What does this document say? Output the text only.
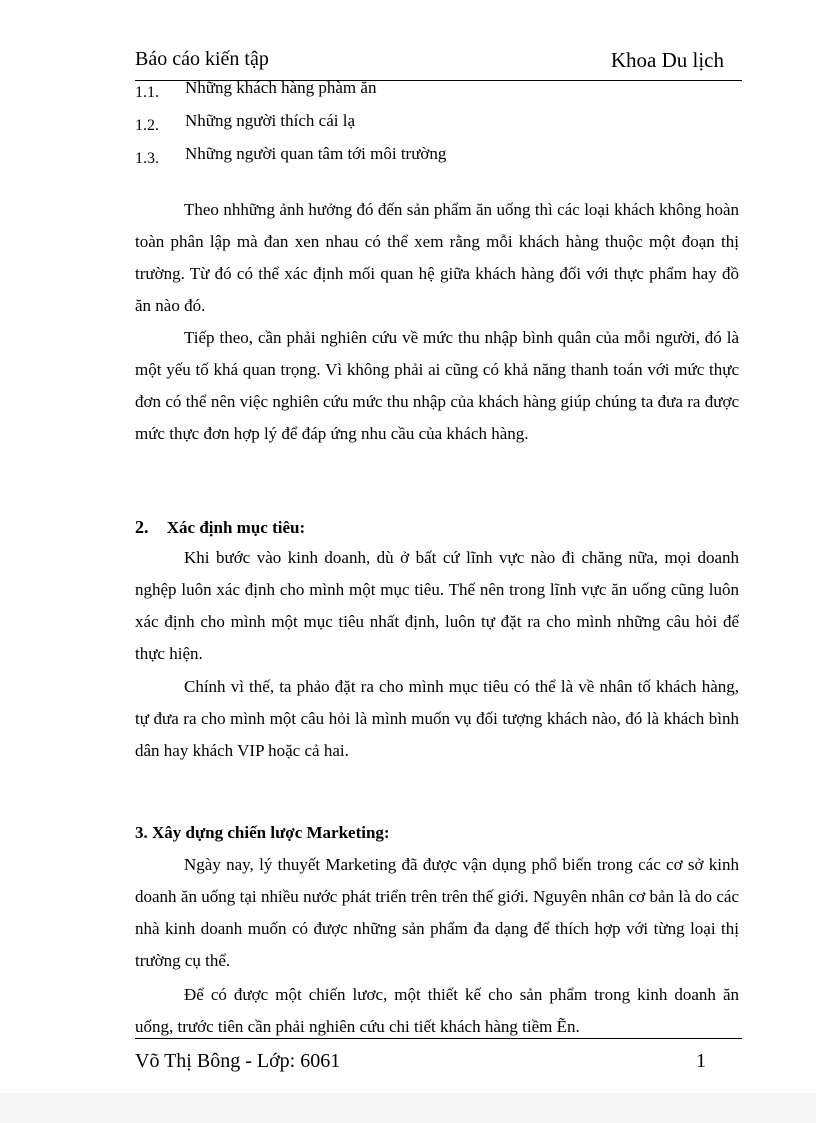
Báo cáo kiến tập	Khoa Du lịch
1.1. Những khách hàng phàm ăn
1.2. Những người thích cái lạ
1.3. Những người quan tâm tới môi trường

Theo nhhững ảnh hưởng đó đến sản phẩm ăn uống thì các loại khách không hoàn toàn phân lập mà đan xen nhau có thể xem rằng mỗi khách hàng thuộc một đoạn thị trường. Từ đó có thể xác định mối quan hệ giữa khách hàng đối với thực phẩm hay đồ ăn nào đó.

Tiếp theo, cần phải nghiên cứu về mức thu nhập bình quân của mỗi người, đó là một yếu tố khá quan trọng. Vì không phải ai cũng có khả năng thanh toán với mức thực đơn có thể nên việc nghiên cứu mức thu nhập của khách hàng giúp chúng ta đưa ra được mức thực đơn hợp lý để đáp ứng nhu cầu của khách hàng.

2. Xác định mục tiêu:

Khi bước vào kinh doanh, dù ở bất cứ lĩnh vực nào đi chăng nữa, mọi doanh nghệp luôn xác định cho mình một mục tiêu. Thế nên trong lĩnh vực ăn uống cũng luôn xác định cho mình một mục tiêu nhất định, luôn tự đặt ra cho mình những câu hỏi để thực hiện.

Chính vì thế, ta phảo đặt ra cho mình mục tiêu có thể là về nhân tố khách hàng, tự đưa ra cho mình một câu hỏi là mình muốn vụ đối tượng khách nào, đó là khách bình dân hay khách VIP hoặc cả hai.

3. Xây dựng chiến lược Marketing:

Ngày nay, lý thuyết Marketing đã được vận dụng phổ biến trong các cơ sở kinh doanh ăn uống tại nhiều nước phát triển trên trên thế giới. Nguyên nhân cơ bản là do các nhà kinh doanh muốn có được những sản phẩm đa dạng để thích hợp với từng loại thị trường cụ thể.

Để có được một chiến lươc, một thiết kế cho sản phẩm trong kinh doanh ăn uống, trước tiên cần phải nghiên cứu chi tiết khách hàng tiềm Ẽn.

Võ Thị Bông - Lớp: 6061	1
